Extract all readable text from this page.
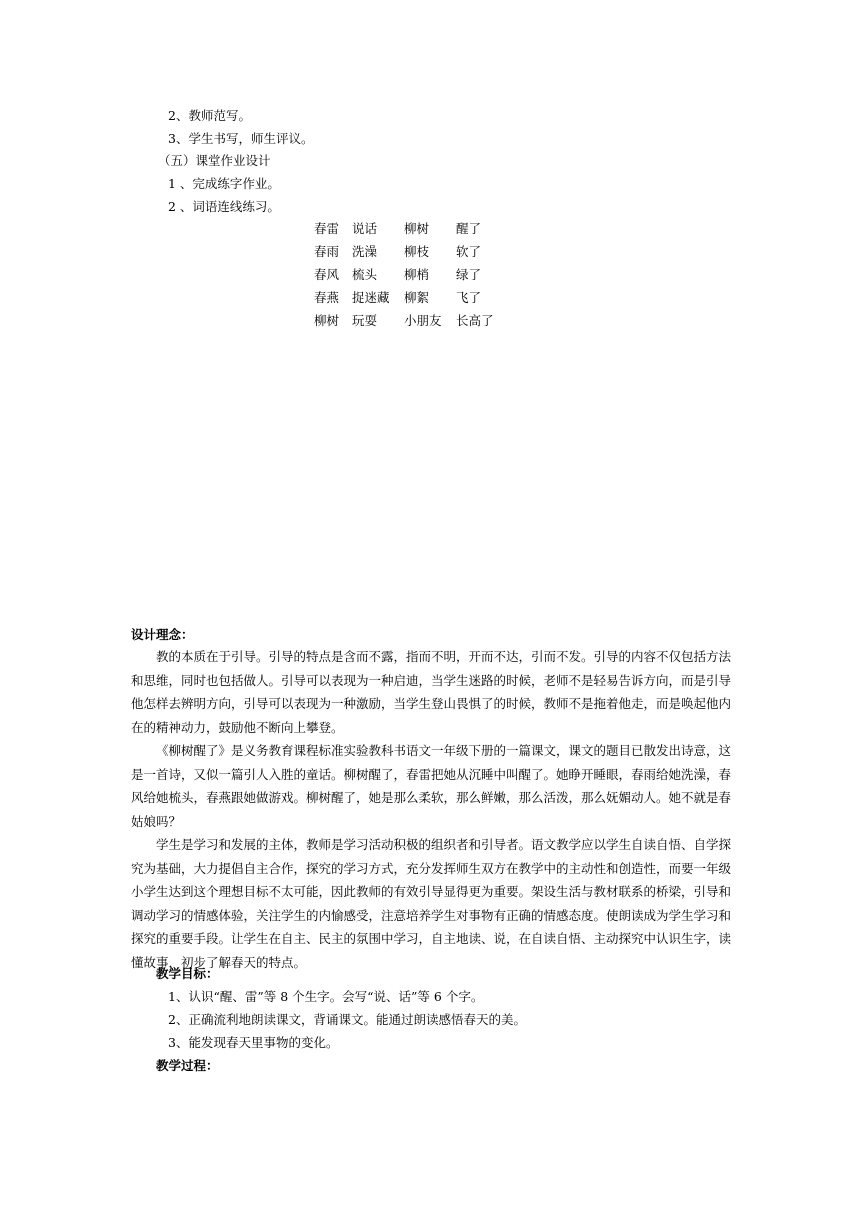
2、教师范写。
3、学生书写，师生评议。
（五）课堂作业设计
1 、完成练字作业。
2 、词语连线练习。
春雷 说话 柳树 醒了
春雨 洗澡 柳枝 软了
春风 梳头 柳梢 绿了
春燕 捉迷藏 柳絮 飞了
柳树 玩耍 小朋友 长高了
设计理念：
教的本质在于引导。引导的特点是含而不露，指而不明，开而不达，引而不发。引导的内容不仅包括方法和思维，同时也包括做人。引导可以表现为一种启迪，当学生迷路的时候，老师不是轻易告诉方向，而是引导他怎样去辨明方向，引导可以表现为一种激励，当学生登山畏惧了的时候，教师不是拖着他走，而是唤起他内在的精神动力，鼓励他不断向上攀登。
《柳树醒了》是义务教育课程标准实验教科书语文一年级下册的一篇课文，课文的题目已散发出诗意，这是一首诗，又似一篇引人入胜的童话。柳树醒了，春雷把她从沉睡中叫醒了。她睁开睡眼，春雨给她洗澡，春风给她梳头，春燕跟她做游戏。柳树醒了，她是那么柔软，那么鲜嫩，那么活泼，那么妩媚动人。她不就是春姑娘吗？
学生是学习和发展的主体，教师是学习活动积极的组织者和引导者。语文教学应以学生自读自悟、自学探究为基础，大力提倡自主合作，探究的学习方式，充分发挥师生双方在教学中的主动性和创造性，而要一年级小学生达到这个理想目标不太可能，因此教师的有效引导显得更为重要。架设生活与教材联系的桥梁，引导和调动学习的情感体验，关注学生的内愉感受，注意培养学生对事物有正确的情感态度。使朗读成为学生学习和探究的重要手段。让学生在自主、民主的氛围中学习，自主地读、说，在自读自悟、主动探究中认识生字，读懂故事，初步了解春天的特点。
教学目标：
1、认识“醒、雷”等 8 个生字。会写“说、话”等 6 个字。
2、正确流利地朗读课文，背诵课文。能通过朗读感悟春天的美。
3、能发现春天里事物的变化。
教学过程：
